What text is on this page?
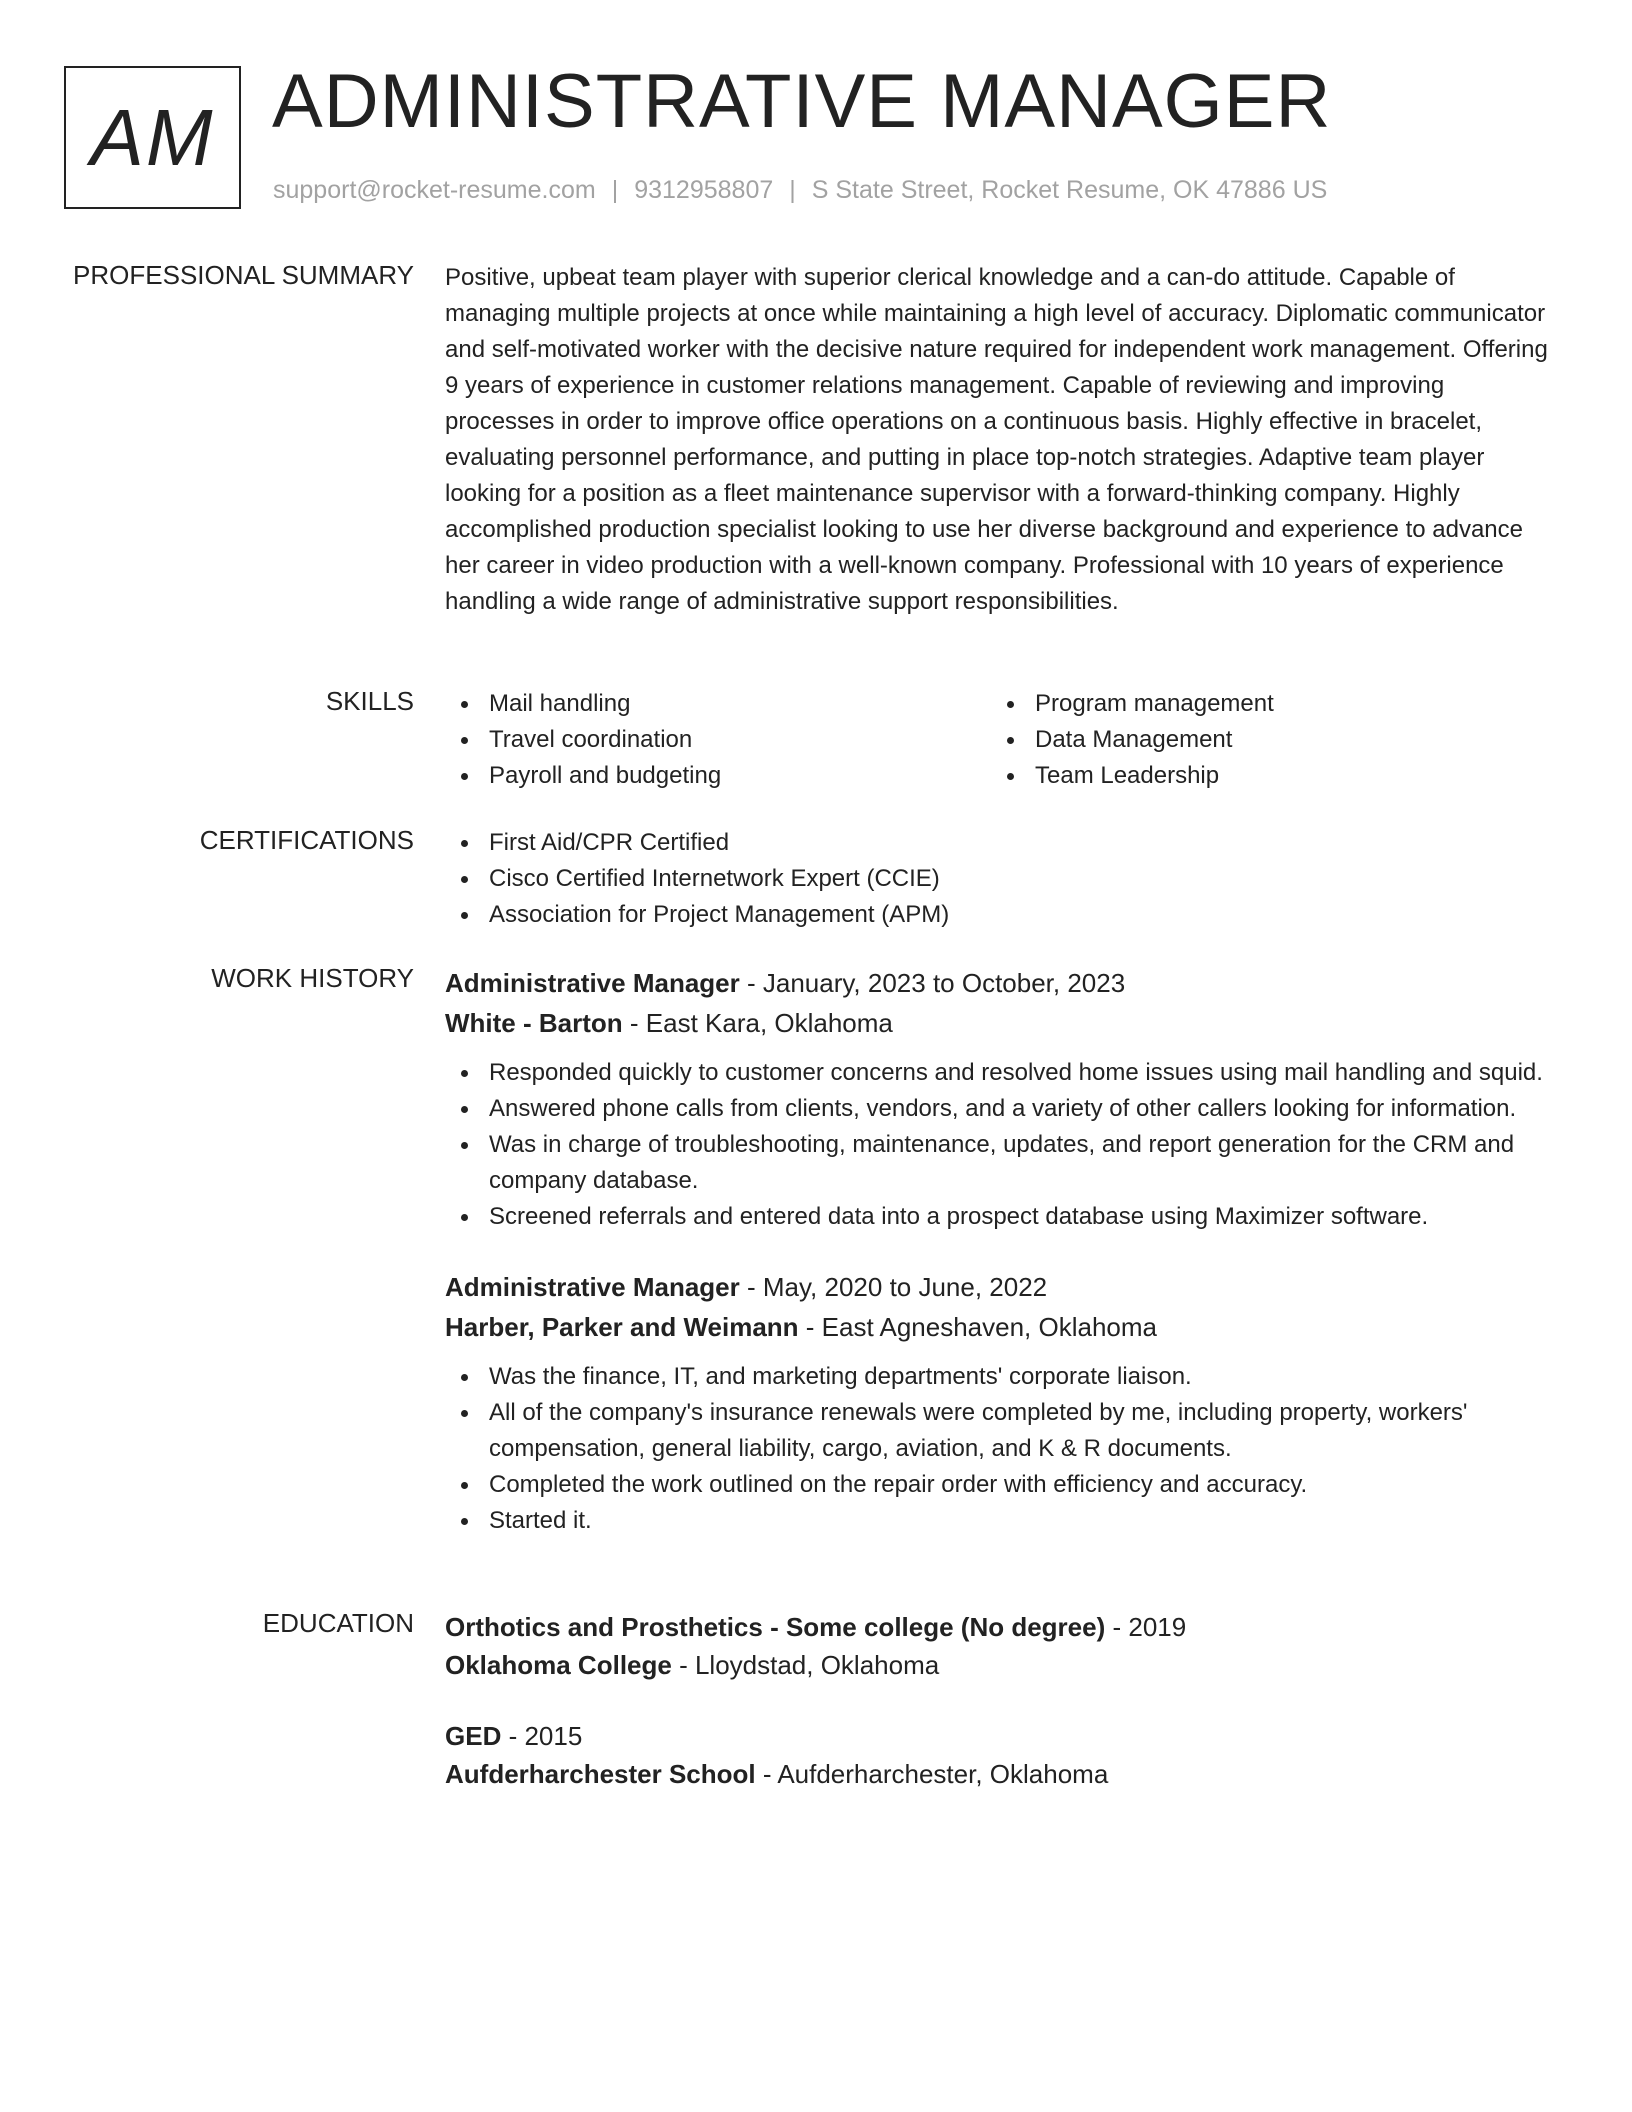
AM ADMINISTRATIVE MANAGER
support@rocket-resume.com | 9312958807 | S State Street, Rocket Resume, OK 47886 US
PROFESSIONAL SUMMARY Positive, upbeat team player with superior clerical knowledge and a can-do attitude. Capable of managing multiple projects at once while maintaining a high level of accuracy. Diplomatic communicator and self-motivated worker with the decisive nature required for independent work management. Offering 9 years of experience in customer relations management. Capable of reviewing and improving processes in order to improve office operations on a continuous basis. Highly effective in bracelet, evaluating personnel performance, and putting in place top-notch strategies. Adaptive team player looking for a position as a fleet maintenance supervisor with a forward-thinking company. Highly accomplished production specialist looking to use her diverse background and experience to advance her career in video production with a well-known company. Professional with 10 years of experience handling a wide range of administrative support responsibilities.

SKILLS	Mail handling
Travel coordination
Payroll and budgeting
Program management
Data Management
Team Leadership
CERTIFICATIONS	First Aid/CPR Certified
Cisco Certified Internetwork Expert (CCIE)
Association for Project Management (APM)
WORK HISTORY Administrative Manager - January, 2023 to October, 2023
White - Barton - East Kara, Oklahoma
Responded quickly to customer concerns and resolved home issues using mail handling and squid.
Answered phone calls from clients, vendors, and a variety of other callers looking for information.
Was in charge of troubleshooting, maintenance, updates, and report generation for the CRM and company database.
Screened referrals and entered data into a prospect database using Maximizer software.
Administrative Manager - May, 2020 to June, 2022
Harber, Parker and Weimann - East Agneshaven, Oklahoma
Was the finance, IT, and marketing departments' corporate liaison.
All of the company's insurance renewals were completed by me, including property, workers' compensation, general liability, cargo, aviation, and K & R documents.
Completed the work outlined on the repair order with efficiency and accuracy.
Started it.
EDUCATION Orthotics and Prosthetics - Some college (No degree) - 2019
Oklahoma College - Lloydstad, Oklahoma
GED - 2015
Aufderharchester School - Aufderharchester, Oklahoma
